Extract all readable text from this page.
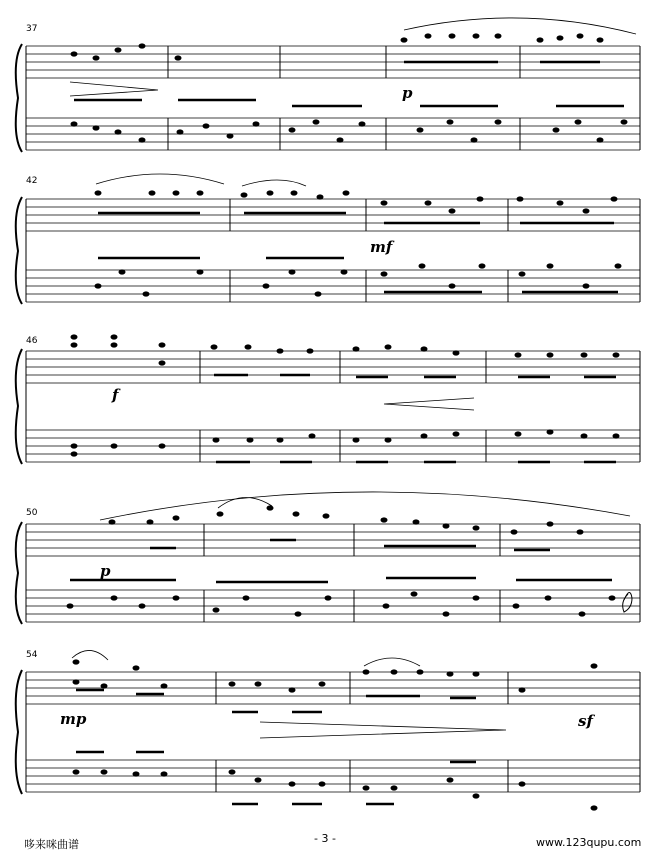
37
42
46
50
54
p
mf
f
p
mp	sf
哆来咪曲谱	- 3 -	www.123qupu.com
